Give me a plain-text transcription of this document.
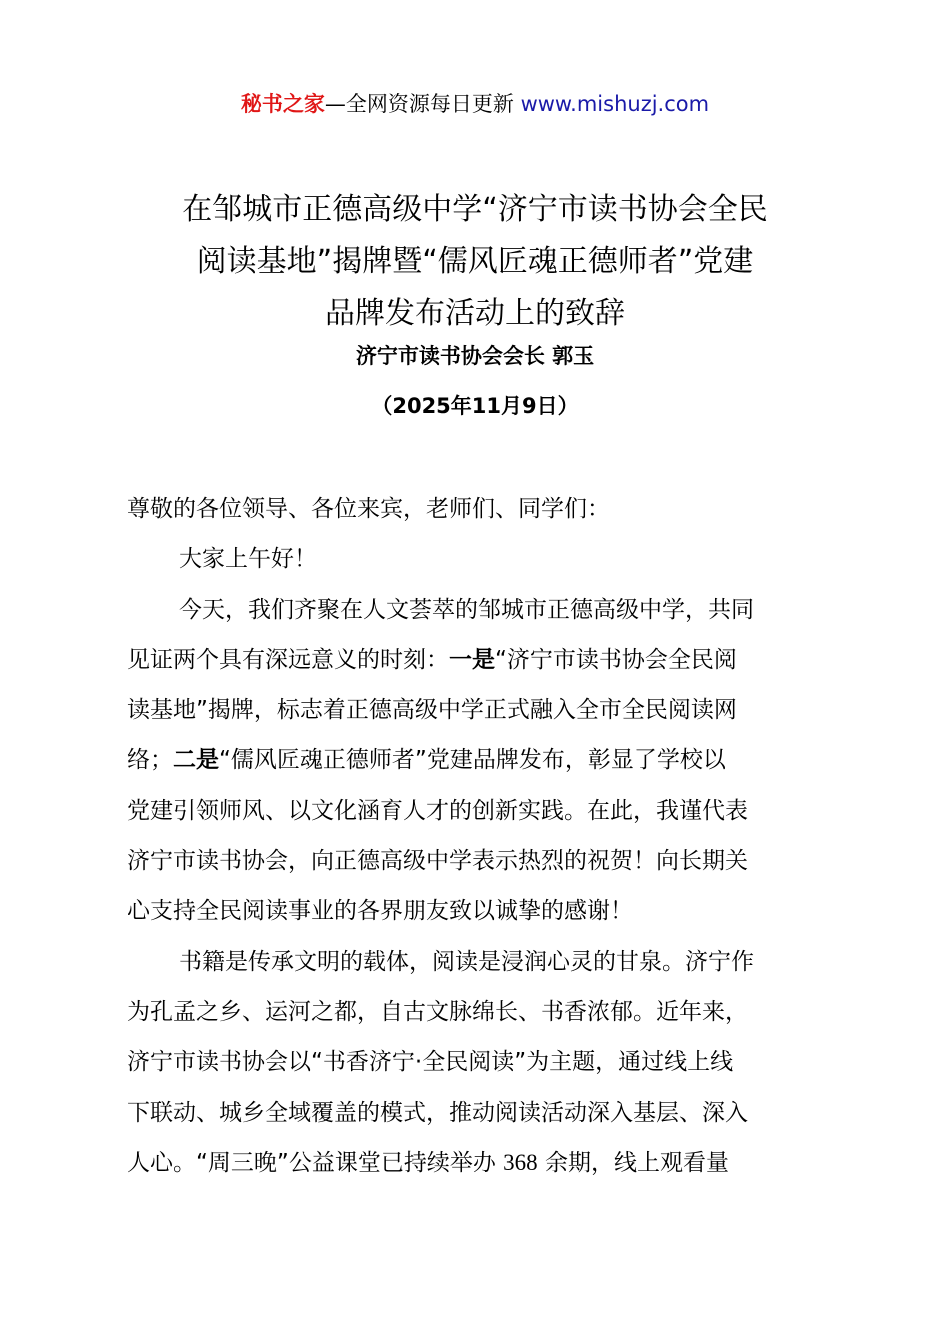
秘书之家—全网资源每日更新 www.mishuzj.com
在邹城市正德高级中学“济宁市读书协会全民
阅读基地”揭牌暨“儒风匠魂正德师者”党建
品牌发布活动上的致辞
济宁市读书协会会长 郭玉
（2025年11月9日）
尊敬的各位领导、各位来宾，老师们、同学们：
大家上午好！
今天，我们齐聚在人文荟萃的邹城市正德高级中学，共同
见证两个具有深远意义的时刻：一是“济宁市读书协会全民阅
读基地”揭牌，标志着正德高级中学正式融入全市全民阅读网
络；二是“儒风匠魂正德师者”党建品牌发布，彰显了学校以
党建引领师风、以文化涵育人才的创新实践。在此，我谨代表
济宁市读书协会，向正德高级中学表示热烈的祝贺！向长期关
心支持全民阅读事业的各界朋友致以诚挚的感谢！
书籍是传承文明的载体，阅读是浸润心灵的甘泉。济宁作
为孔孟之乡、运河之都，自古文脉绵长、书香浓郁。近年来，
济宁市读书协会以“书香济宁·全民阅读”为主题，通过线上线
下联动、城乡全域覆盖的模式，推动阅读活动深入基层、深入
人心。“周三晚”公益课堂已持续举办 368 余期，线上观看量
